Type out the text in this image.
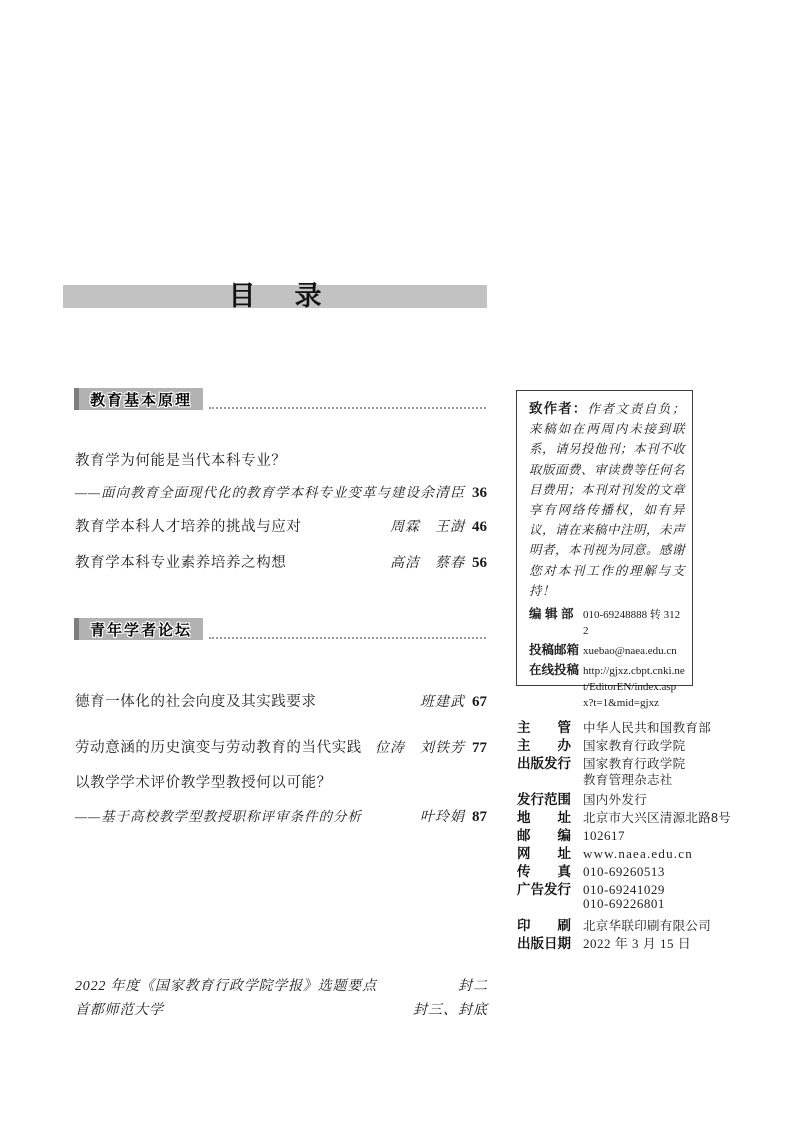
目　录
教育基本原理
教育学为何能是当代本科专业？
——面向教育全面现代化的教育学本科专业变革与建设 余清臣 36
教育学本科人才培养的挑战与应对	周霖　王澍 46
教育学本科专业素养培养之构想	高洁　蔡春 56
青年学者论坛
德育一体化的社会向度及其实践要求	班建武 67
劳动意涵的历史演变与劳动教育的当代实践 位涛　刘铁芳 77
以教学学术评价教学型教授何以可能？
——基于高校教学型教授职称评审条件的分析	叶玲娟 87

致作者：作者文责自负；来稿如在两周内未接到联系，请另投他刊；本刊不收取版面费、审读费等任何名目费用；本刊对刊发的文章享有网络传播权，如有异议，请在来稿中注明，未声明者，本刊视为同意。感谢您对本刊工作的理解与支持！

编 辑 部 010-69248888 转 3122
投稿邮箱 xuebao@naea.edu.cn
在线投稿 http://gjxz.cbpt.cnki.net/EditorEN/index.aspx?t=1&mid=gjxz
主　　管 中华人民共和国教育部
主　　办 国家教育行政学院
出版发行 国家教育行政学院
教育管理杂志社
发行范围 国内外发行
地　　址 北京市大兴区清源北路8号
邮　　编 102617
网　　址 www.naea.edu.cn
传　　真 010-69260513
广告发行 010-69241029
010-69226801
印　　刷 北京华联印刷有限公司
出版日期 2022 年 3 月 15 日
2022 年度《国家教育行政学院学报》选题要点	封二
首都师范大学	封三、封底
